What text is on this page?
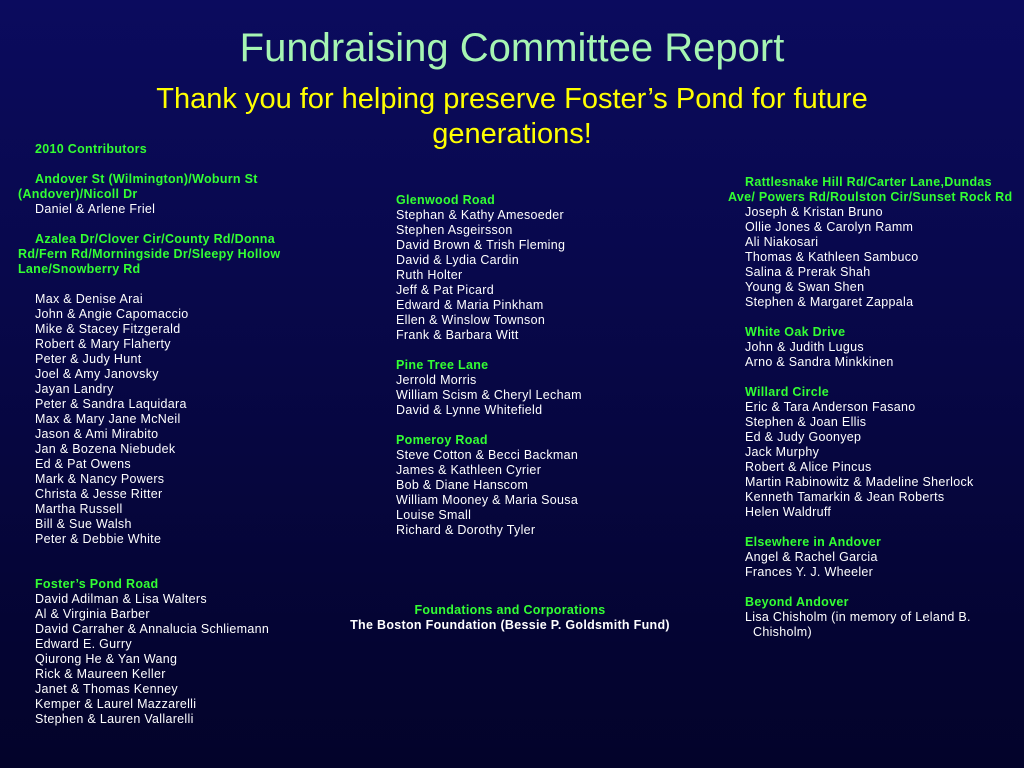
Fundraising Committee Report
Thank you for helping preserve Foster’s Pond for future generations!
2010 Contributors
Andover St (Wilmington)/Woburn St (Andover)/Nicoll Dr
Daniel & Arlene Friel
Azalea Dr/Clover Cir/County Rd/Donna Rd/Fern Rd/Morningside Dr/Sleepy Hollow Lane/Snowberry Rd
Max & Denise Arai
John & Angie Capomaccio
Mike & Stacey Fitzgerald
Robert & Mary Flaherty
Peter & Judy Hunt
Joel & Amy Janovsky
Jayan Landry
Peter & Sandra Laquidara
Max & Mary Jane McNeil
Jason & Ami Mirabito
Jan & Bozena Niebudek
Ed & Pat Owens
Mark & Nancy Powers
Christa & Jesse Ritter
Martha Russell
Bill & Sue Walsh
Peter & Debbie White
Foster’s Pond Road
David Adilman & Lisa Walters
Al & Virginia Barber
David Carraher & Annalucia Schliemann
Edward E. Gurry
Qiurong He & Yan Wang
Rick & Maureen Keller
Janet & Thomas Kenney
Kemper & Laurel Mazzarelli
Stephen & Lauren Vallarelli
Glenwood Road
Stephan & Kathy Amesoeder
Stephen Asgeirsson
David Brown & Trish Fleming
David & Lydia Cardin
Ruth Holter
Jeff & Pat Picard
Edward & Maria Pinkham
Ellen & Winslow Townson
Frank & Barbara Witt
Pine Tree Lane
Jerrold Morris
William Scism & Cheryl Lecham
David & Lynne Whitefield
Pomeroy Road
Steve Cotton & Becci Backman
James & Kathleen Cyrier
Bob & Diane Hanscom
William Mooney & Maria Sousa
Louise Small
Richard & Dorothy Tyler
Foundations and Corporations
The Boston Foundation (Bessie P. Goldsmith Fund)
Rattlesnake Hill Rd/Carter Lane,Dundas Ave/ Powers Rd/Roulston Cir/Sunset Rock Rd
Joseph & Kristan Bruno
Ollie Jones & Carolyn Ramm
Ali Niakosari
Thomas & Kathleen Sambuco
Salina & Prerak Shah
Young & Swan Shen
Stephen & Margaret Zappala
White Oak Drive
John & Judith Lugus
Arno & Sandra Minkkinen
Willard Circle
Eric & Tara Anderson Fasano
Stephen & Joan Ellis
Ed & Judy Goonyep
Jack Murphy
Robert & Alice Pincus
Martin Rabinowitz & Madeline Sherlock
Kenneth Tamarkin & Jean Roberts
Helen Waldruff
Elsewhere in Andover
Angel & Rachel Garcia
Frances Y. J. Wheeler
Beyond Andover
Lisa Chisholm (in memory of Leland B.
Chisholm)
